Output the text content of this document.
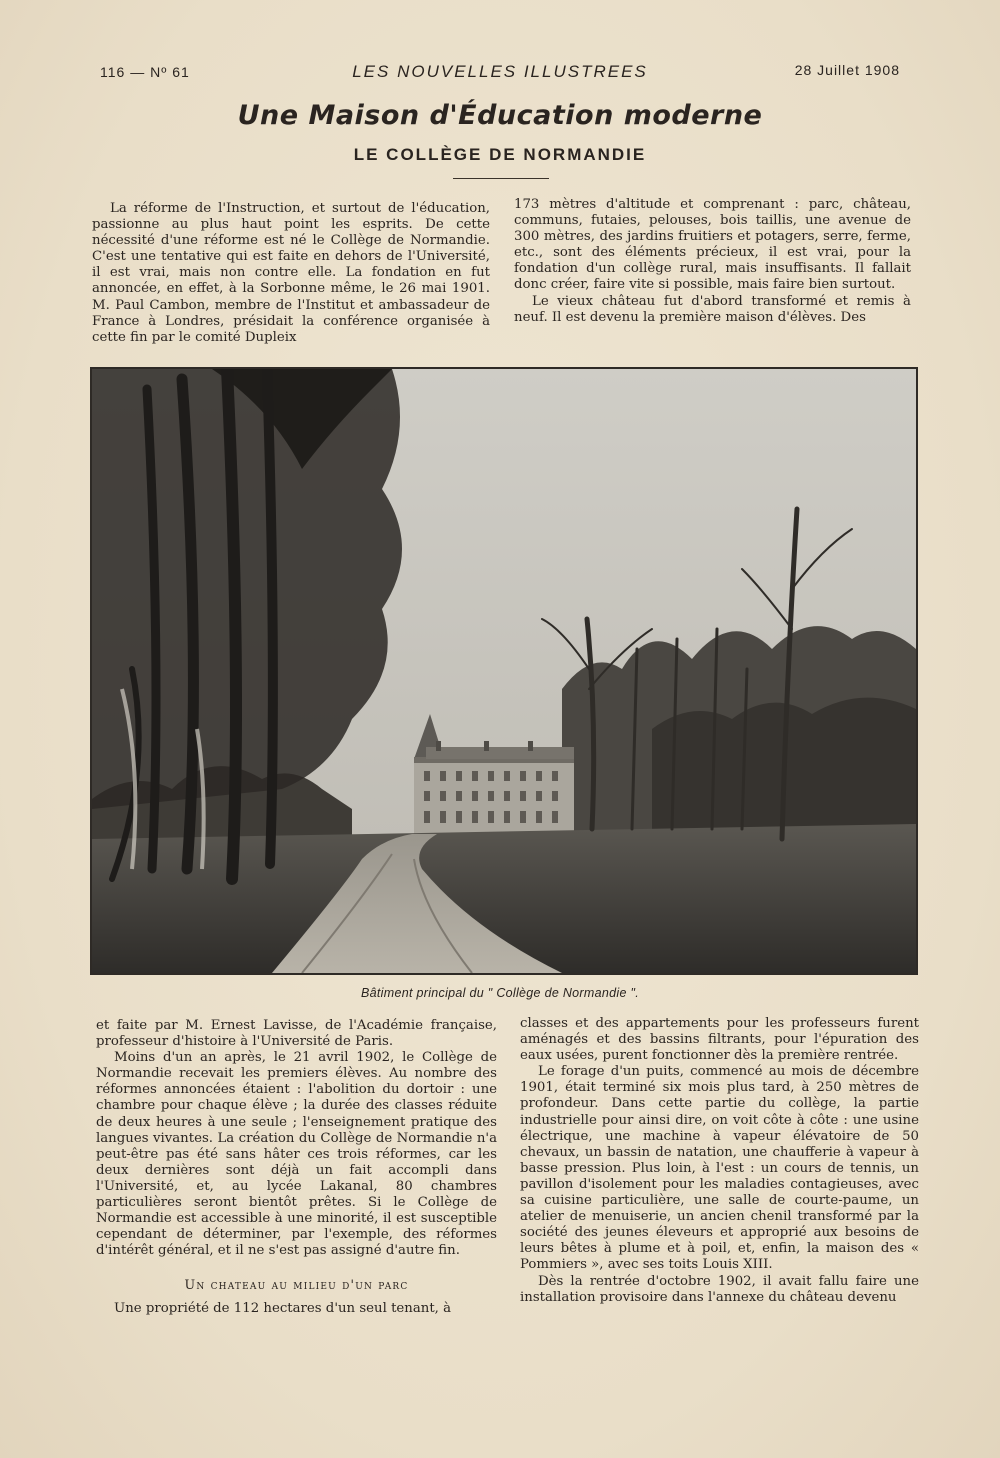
116 — Nº 61	LES NOUVELLES ILLUSTREES	28 Juillet 1908
Une Maison d'Éducation moderne
LE COLLÈGE DE NORMANDIE

La réforme de l'Instruction, et surtout de l'éducation, passionne au plus haut point les esprits. De cette nécessité d'une réforme est né le Collège de Normandie. C'est une tentative qui est faite en dehors de l'Université, il est vrai, mais non contre elle. La fondation en fut annoncée, en effet, à la Sorbonne même, le 26 mai 1901. M. Paul Cambon, membre de l'Institut et ambassadeur de France à Londres, présidait la conférence organisée à cette fin par le comité Dupleix

173 mètres d'altitude et comprenant : parc, château, communs, futaies, pelouses, bois taillis, une avenue de 300 mètres, des jardins fruitiers et potagers, serre, ferme, etc., sont des éléments précieux, il est vrai, pour la fondation d'un collège rural, mais insuffisants. Il fallait donc créer, faire vite si possible, mais faire bien surtout.

Le vieux château fut d'abord transformé et remis à neuf. Il est devenu la première maison d'élèves. Des

Bâtiment principal du " Collège de Normandie ".

et faite par M. Ernest Lavisse, de l'Académie française, professeur d'histoire à l'Université de Paris.

Moins d'un an après, le 21 avril 1902, le Collège de Normandie recevait les premiers élèves. Au nombre des réformes annoncées étaient : l'abolition du dortoir : une chambre pour chaque élève ; la durée des classes réduite de deux heures à une seule ; l'enseignement pratique des langues vivantes. La création du Collège de Normandie n'a peut-être pas été sans hâter ces trois réformes, car les deux dernières sont déjà un fait accompli dans l'Université, et, au lycée Lakanal, 80 chambres particulières seront bientôt prêtes. Si le Collège de Normandie est accessible à une minorité, il est susceptible cependant de déterminer, par l'exemple, des réformes d'intérêt général, et il ne s'est pas assigné d'autre fin.

Un chateau au milieu d'un parc

Une propriété de 112 hectares d'un seul tenant, à

classes et des appartements pour les professeurs furent aménagés et des bassins filtrants, pour l'épuration des eaux usées, purent fonctionner dès la première rentrée.

Le forage d'un puits, commencé au mois de décembre 1901, était terminé six mois plus tard, à 250 mètres de profondeur. Dans cette partie du collège, la partie industrielle pour ainsi dire, on voit côte à côte : une usine électrique, une machine à vapeur élévatoire de 50 chevaux, un bassin de natation, une chaufferie à vapeur à basse pression. Plus loin, à l'est : un cours de tennis, un pavillon d'isolement pour les maladies contagieuses, avec sa cuisine particulière, une salle de courte-paume, un atelier de menuiserie, un ancien chenil transformé par la société des jeunes éleveurs et approprié aux besoins de leurs bêtes à plume et à poil, et, enfin, la maison des « Pommiers », avec ses toits Louis XIII.

Dès la rentrée d'octobre 1902, il avait fallu faire une installation provisoire dans l'annexe du château devenu
